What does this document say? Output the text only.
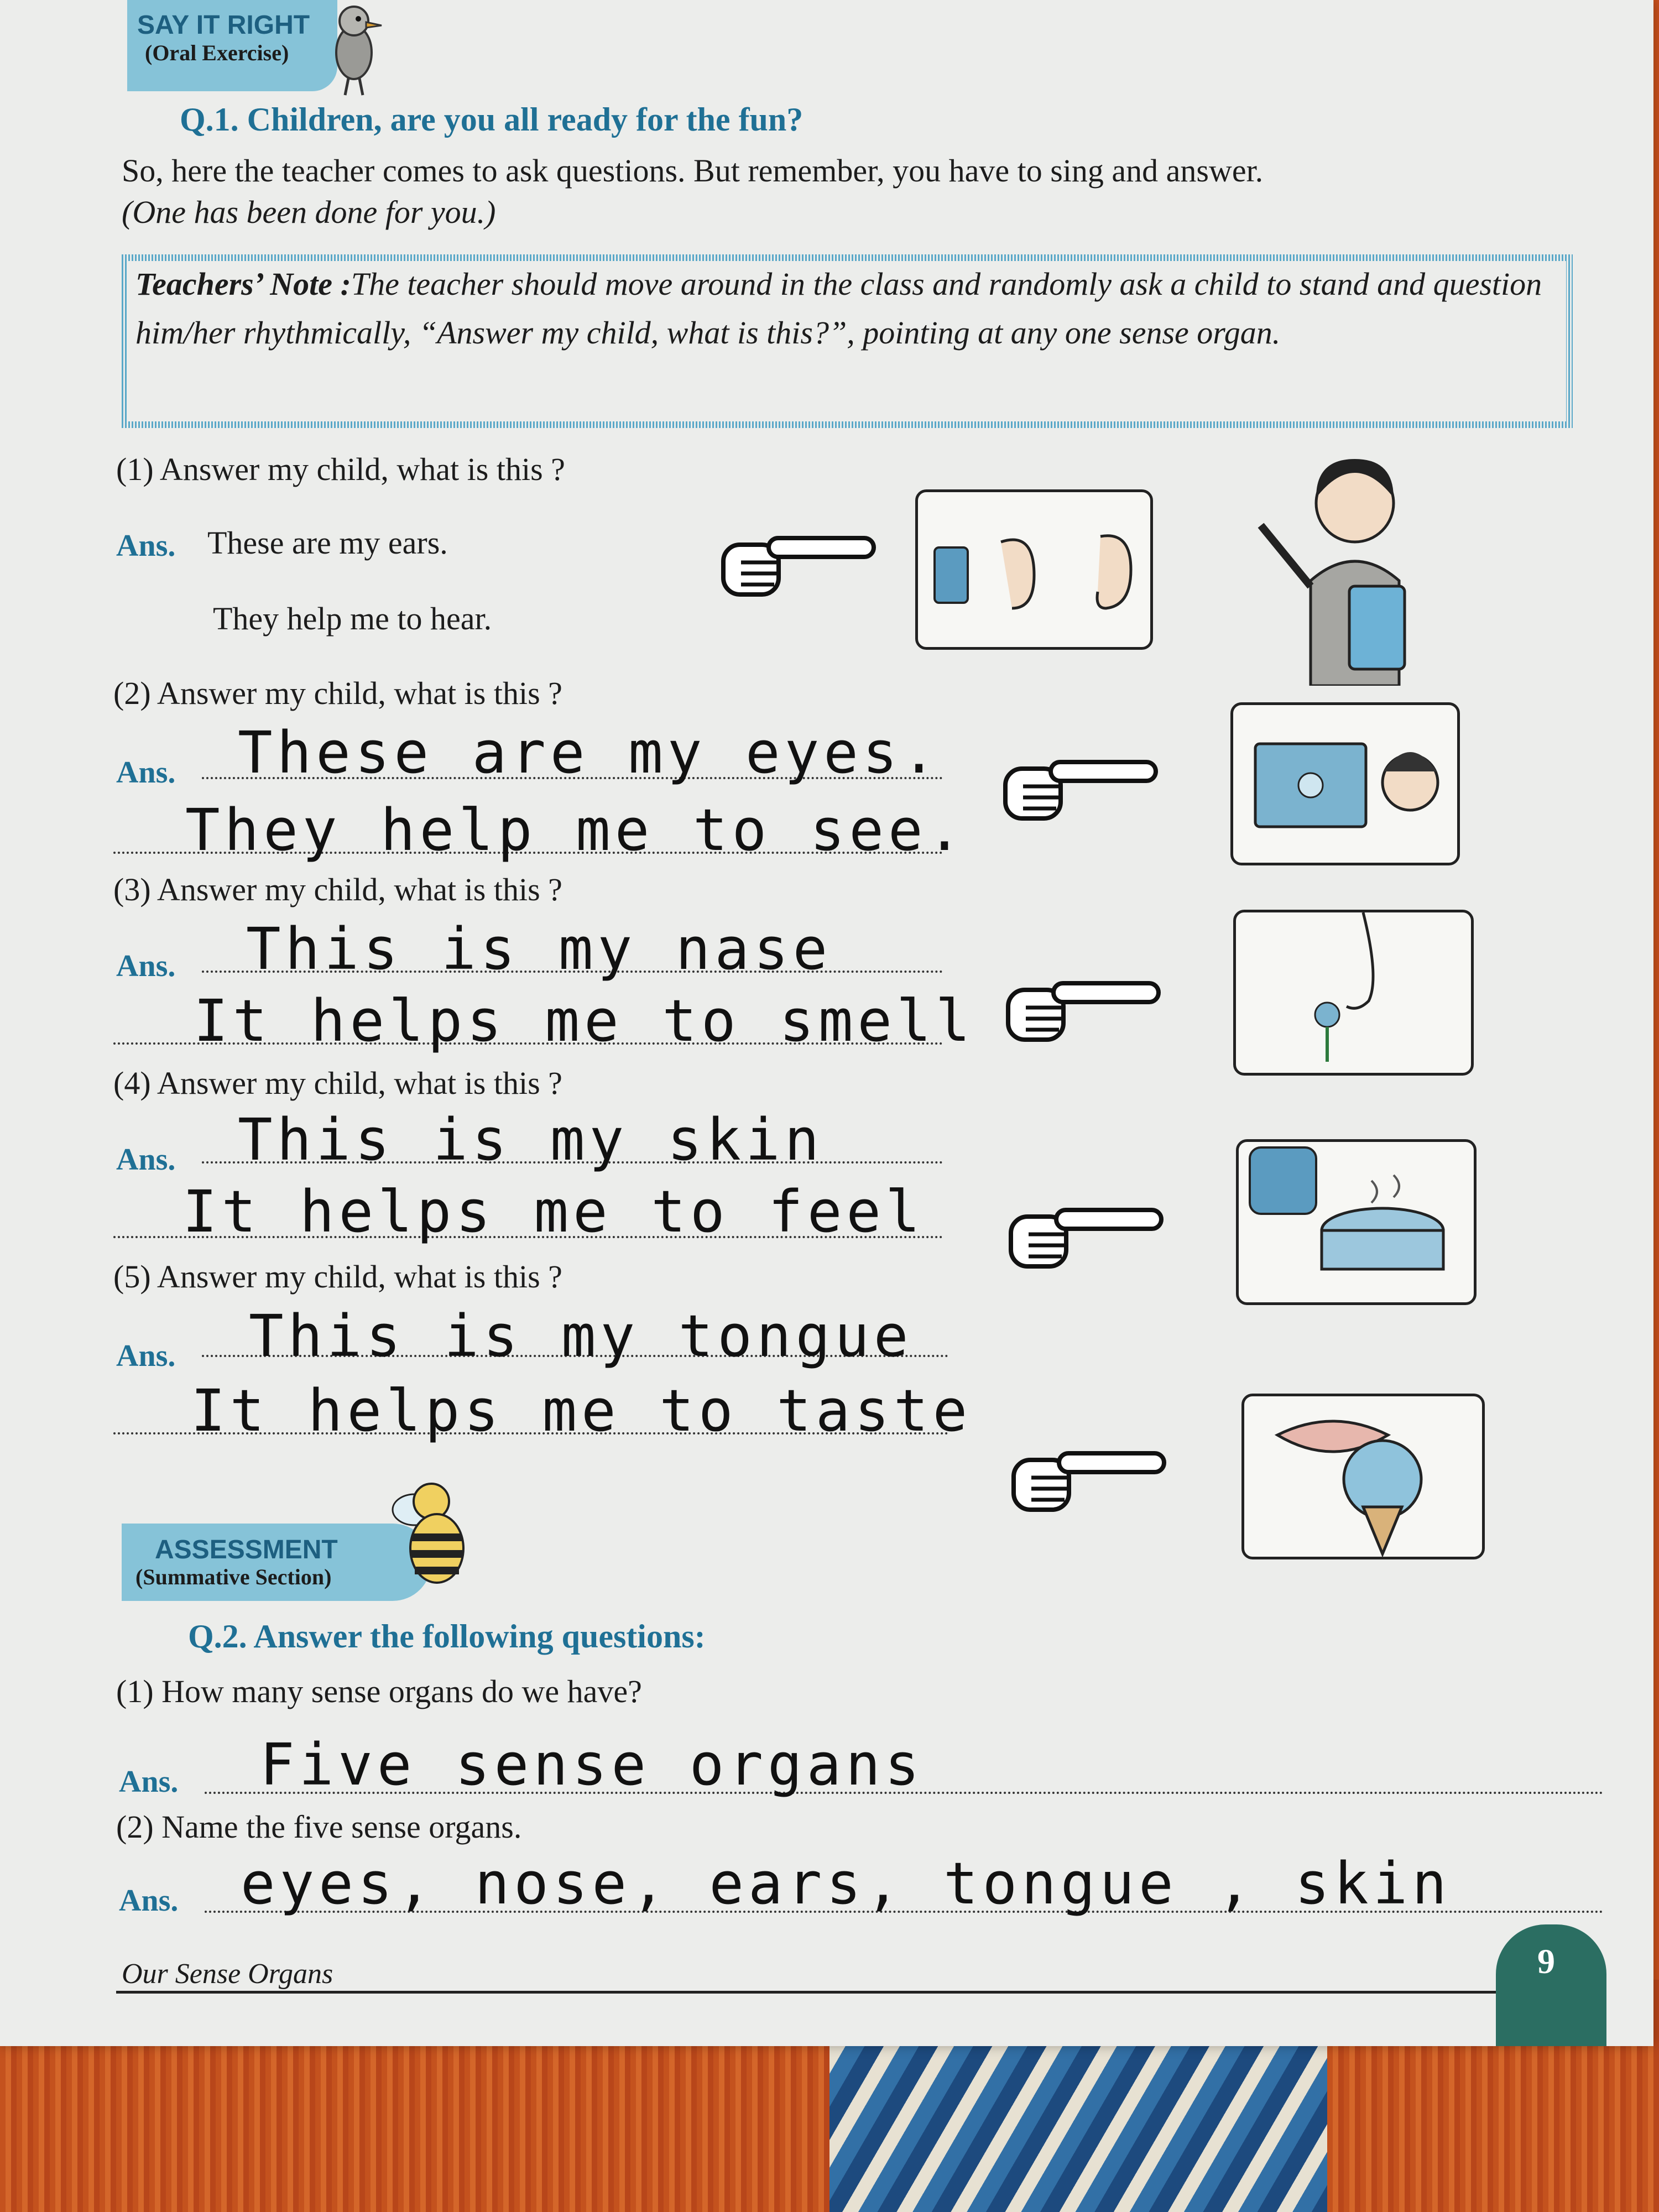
SAY IT RIGHT
(Oral Exercise)
Q.1. Children, are you all ready for the fun?
So, here the teacher comes to ask questions. But remember, you have to sing and answer.
(One has been done for you.)
Teachers’ Note :The teacher should move around in the class and randomly ask a child to stand and question him/her rhythmically, “Answer my child, what is this?”, pointing at any one sense organ.
(1) Answer my child, what is this ?
Ans. These are my ears.
They help me to hear.
(2) Answer my child, what is this ?
Ans. These are my eyes.
They help me to see.
(3) Answer my child, what is this ?
Ans. This is my nase
It helps me to smell
(4) Answer my child, what is this ?
Ans. This is my skin
It helps me to feel
(5) Answer my child, what is this ?
Ans. This is my tongue
It helps me to taste
ASSESSMENT
(Summative Section)
Q.2. Answer the following questions:
(1) How many sense organs do we have?
Ans. Five sense organs
(2) Name the five sense organs.
Ans. eyes, nose, ears, tongue , skin
Our Sense Organs	9
